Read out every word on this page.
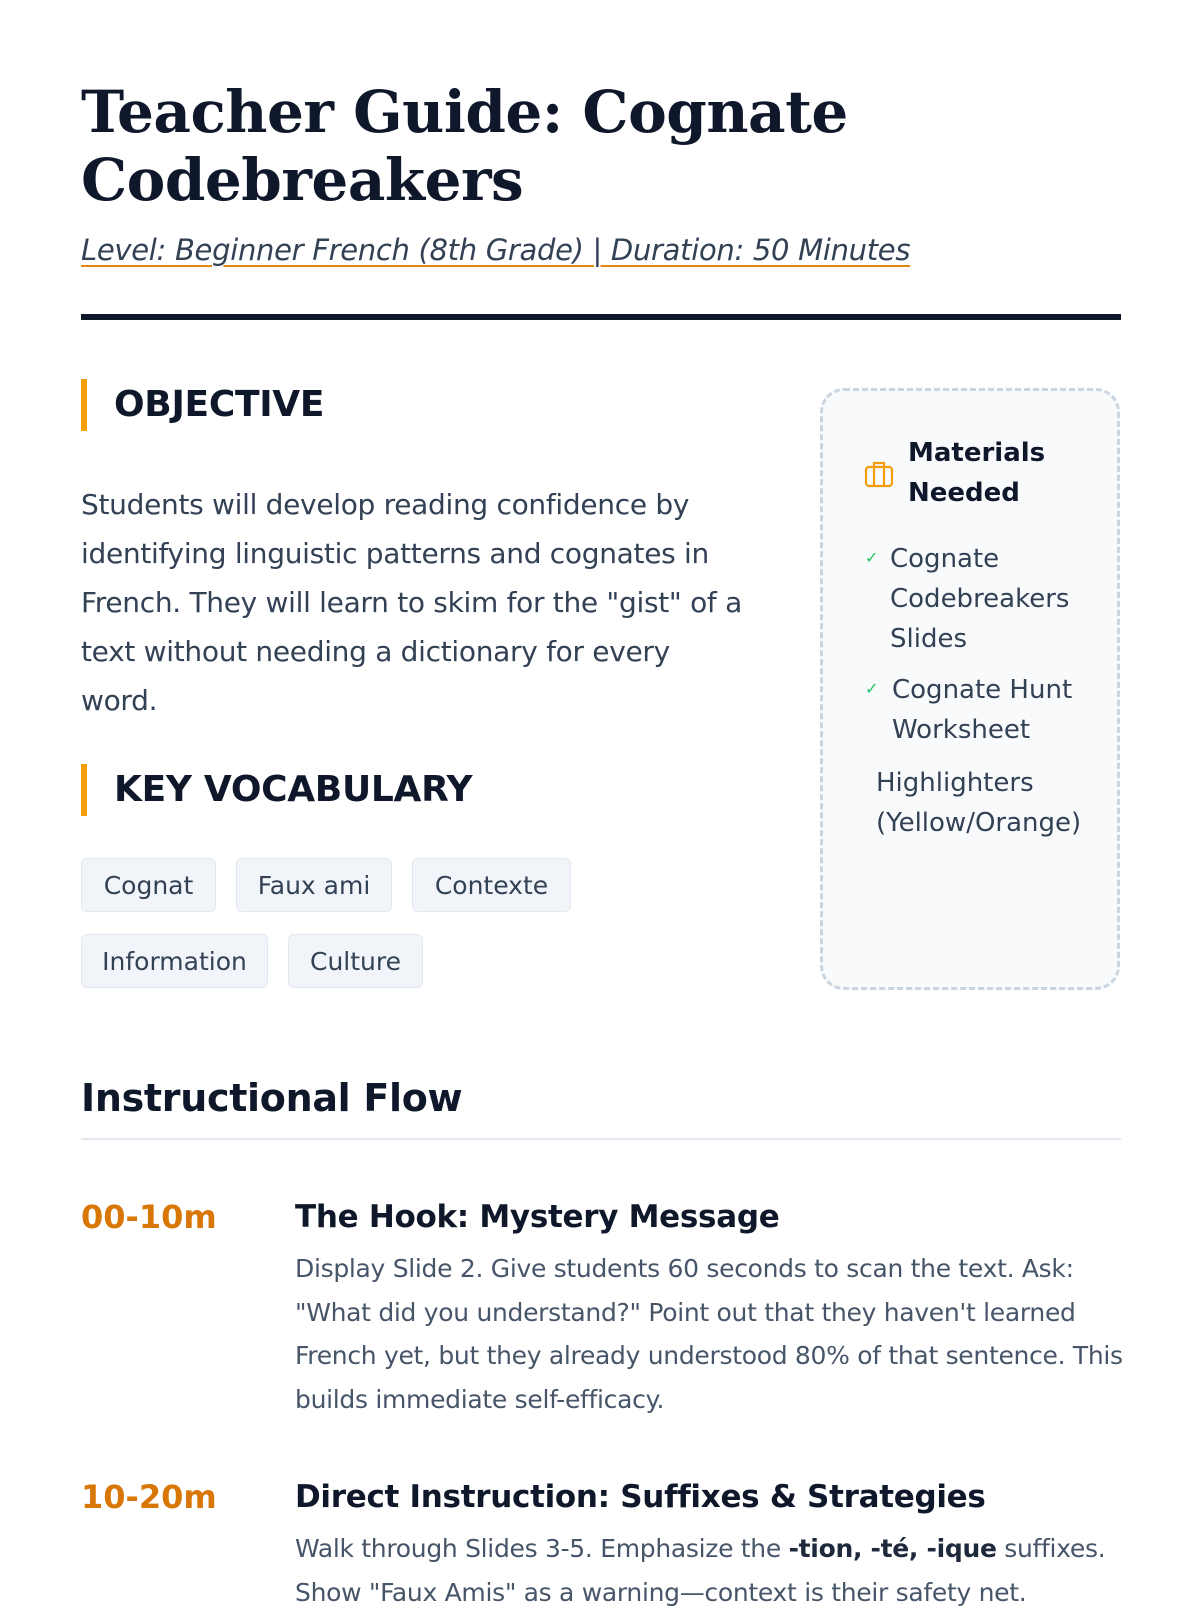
Teacher Guide: Cognate Codebreakers

Level: Beginner French (8th Grade) | Duration: 50 Minutes

OBJECTIVE

Students will develop reading confidence by identifying linguistic patterns and cognates in French. They will learn to skim for the "gist" of a text without needing a dictionary for every word.

KEY VOCABULARY
Cognat	Faux ami	Contexte
Information	Culture
Materials Needed
✓ Cognate Codebreakers Slides
✓ Cognate Hunt Worksheet
Highlighters (Yellow/Orange)
Instructional Flow
00-10m	The Hook: Mystery Message

Display Slide 2. Give students 60 seconds to scan the text. Ask: "What did you understand?" Point out that they haven't learned French yet, but they already understood 80% of that sentence. This builds immediate self-efficacy.

10-20m	Direct Instruction: Suffixes & Strategies

Walk through Slides 3-5. Emphasize the -tion, -té, -ique suffixes. Show "Faux Amis" as a warning—context is their safety net.
